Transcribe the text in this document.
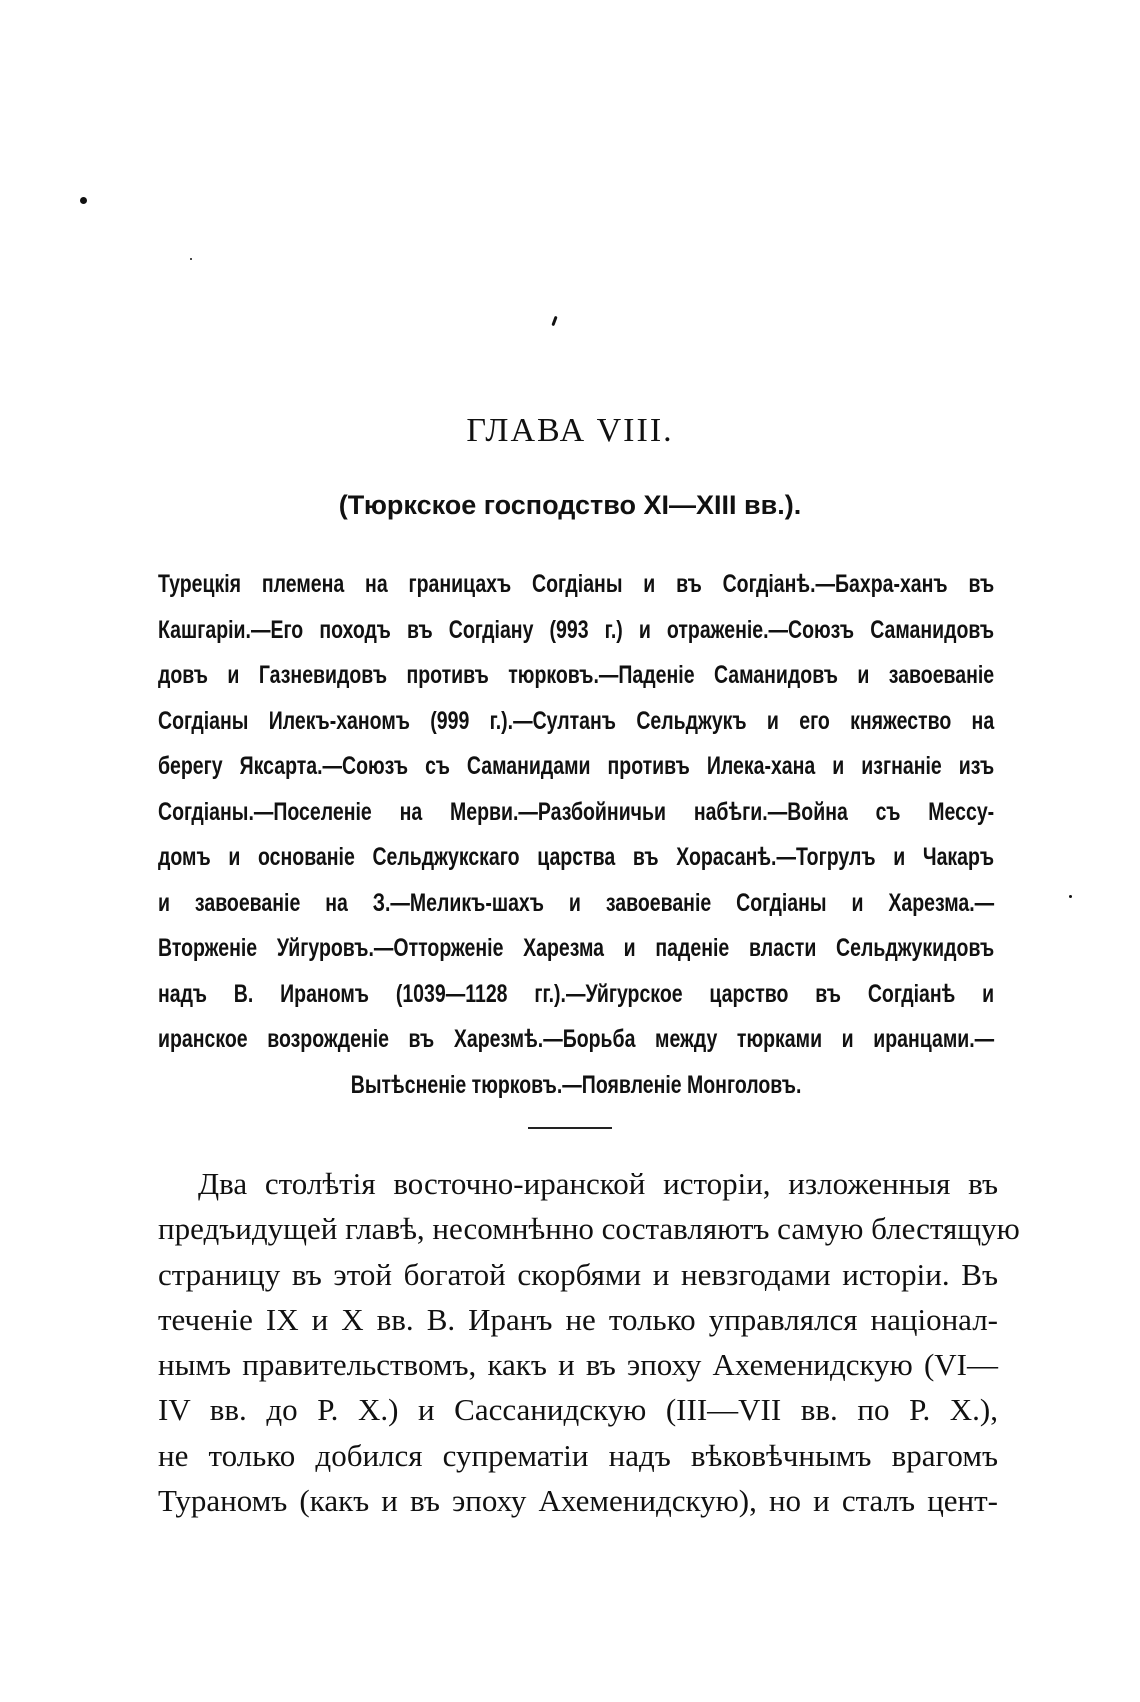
ГЛАВА VIII.
(Тюркское господство XI—XIII вв.).
Турецкія племена на границахъ Согдіаны и въ Согдіанѣ.—Бахра-ханъ въ
Кашгаріи.—Его походъ въ Согдіану (993 г.) и отраженіе.—Союзъ Саманидовъ
довъ и Газневидовъ противъ тюрковъ.—Паденіе Саманидовъ и завоеваніе
Согдіаны Илекъ-ханомъ (999 г.).—Султанъ Сельджукъ и его княжество на
берегу Яксарта.—Союзъ съ Саманидами противъ Илека-хана и изгнаніе изъ
Согдіаны.—Поселеніе на Мерви.—Разбойничьи набѣги.—Война съ Мессу-
домъ и основаніе Сельджукскаго царства въ Хорасанѣ.—Тогрулъ и Чакаръ
и завоеваніе на З.—Меликъ-шахъ и завоеваніе Согдіаны и Харезма.—
Вторженіе Уйгуровъ.—Отторженіе Харезма и паденіе власти Сельджукидовъ
надъ В. Ираномъ (1039—1128 гг.).—Уйгурское царство въ Согдіанѣ и
иранское возрожденіе въ Харезмѣ.—Борьба между тюрками и иранцами.—
Вытѣсненіе тюрковъ.—Появленіе Монголовъ.
Два столѣтія восточно-иранской исторіи, изложенныя въ
предъидущей главѣ, несомнѣнно составляютъ самую блестящую
страницу въ этой богатой скорбями и невзгодами исторіи. Въ
теченіе IX и X вв. В. Иранъ не только управлялся націонал-
нымъ правительствомъ, какъ и въ эпоху Ахеменидскую (VI—
IV вв. до Р. Х.) и Сассанидскую (III—VII вв. по Р. Х.),
не только добился супрематіи надъ вѣковѣчнымъ врагомъ
Тураномъ (какъ и въ эпоху Ахеменидскую), но и сталъ цент-
